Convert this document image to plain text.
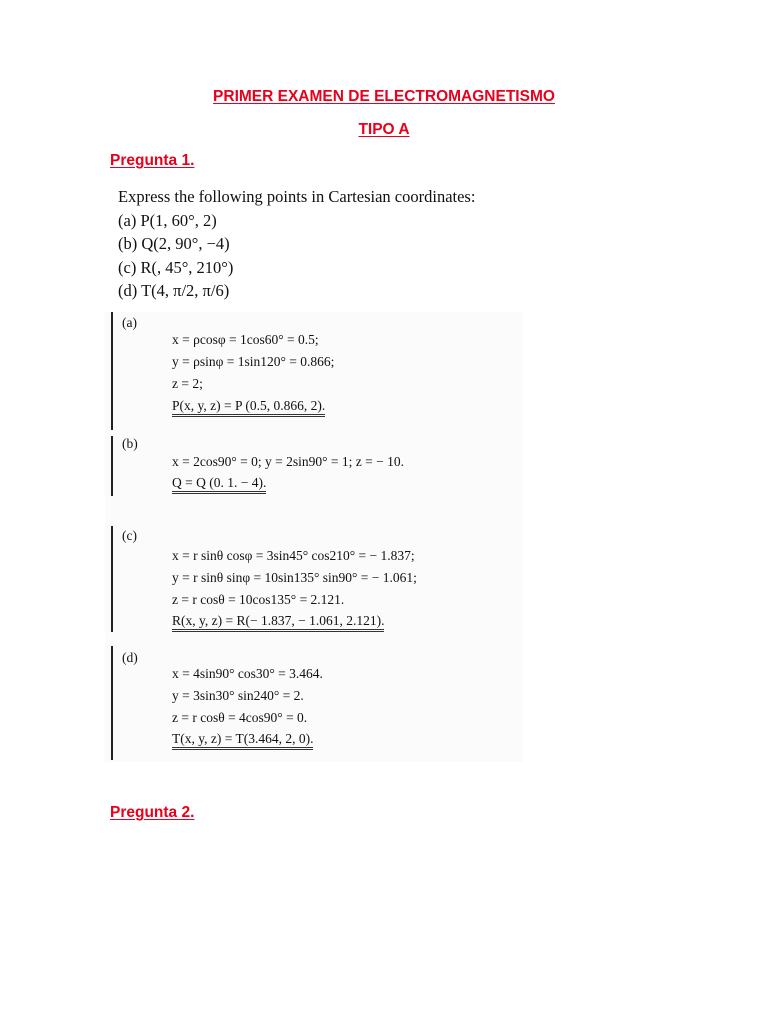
PRIMER EXAMEN DE ELECTROMAGNETISMO
TIPO A
Pregunta 1.
Express the following points in Cartesian coordinates:
(a) P(1, 60°, 2)
(b) Q(2, 90°, −4)
(c) R(, 45°, 210°)
(d) T(4, π/2, π/6)
(a)
x = ρcosφ = 1cos60° = 0.5;
y = ρsinφ = 1sin120° = 0.866;
z = 2;
P(x, y, z) = P (0.5, 0.866, 2).
(b)
x = 2cos90° = 0; y = 2sin90° = 1; z = − 10.
Q = Q (0. 1. − 4).
(c)
x = r sinθ cosφ = 3sin45° cos210° = − 1.837;
y = r sinθ sinφ = 10sin135° sin90° = − 1.061;
z = r cosθ = 10cos135° = 2.121.
R(x, y, z) = R(− 1.837, − 1.061, 2.121).
(d)
x = 4sin90° cos30° = 3.464.
y = 3sin30° sin240° = 2.
z = r cosθ = 4cos90° = 0.
T(x, y, z) = T(3.464, 2, 0).
Pregunta 2.
